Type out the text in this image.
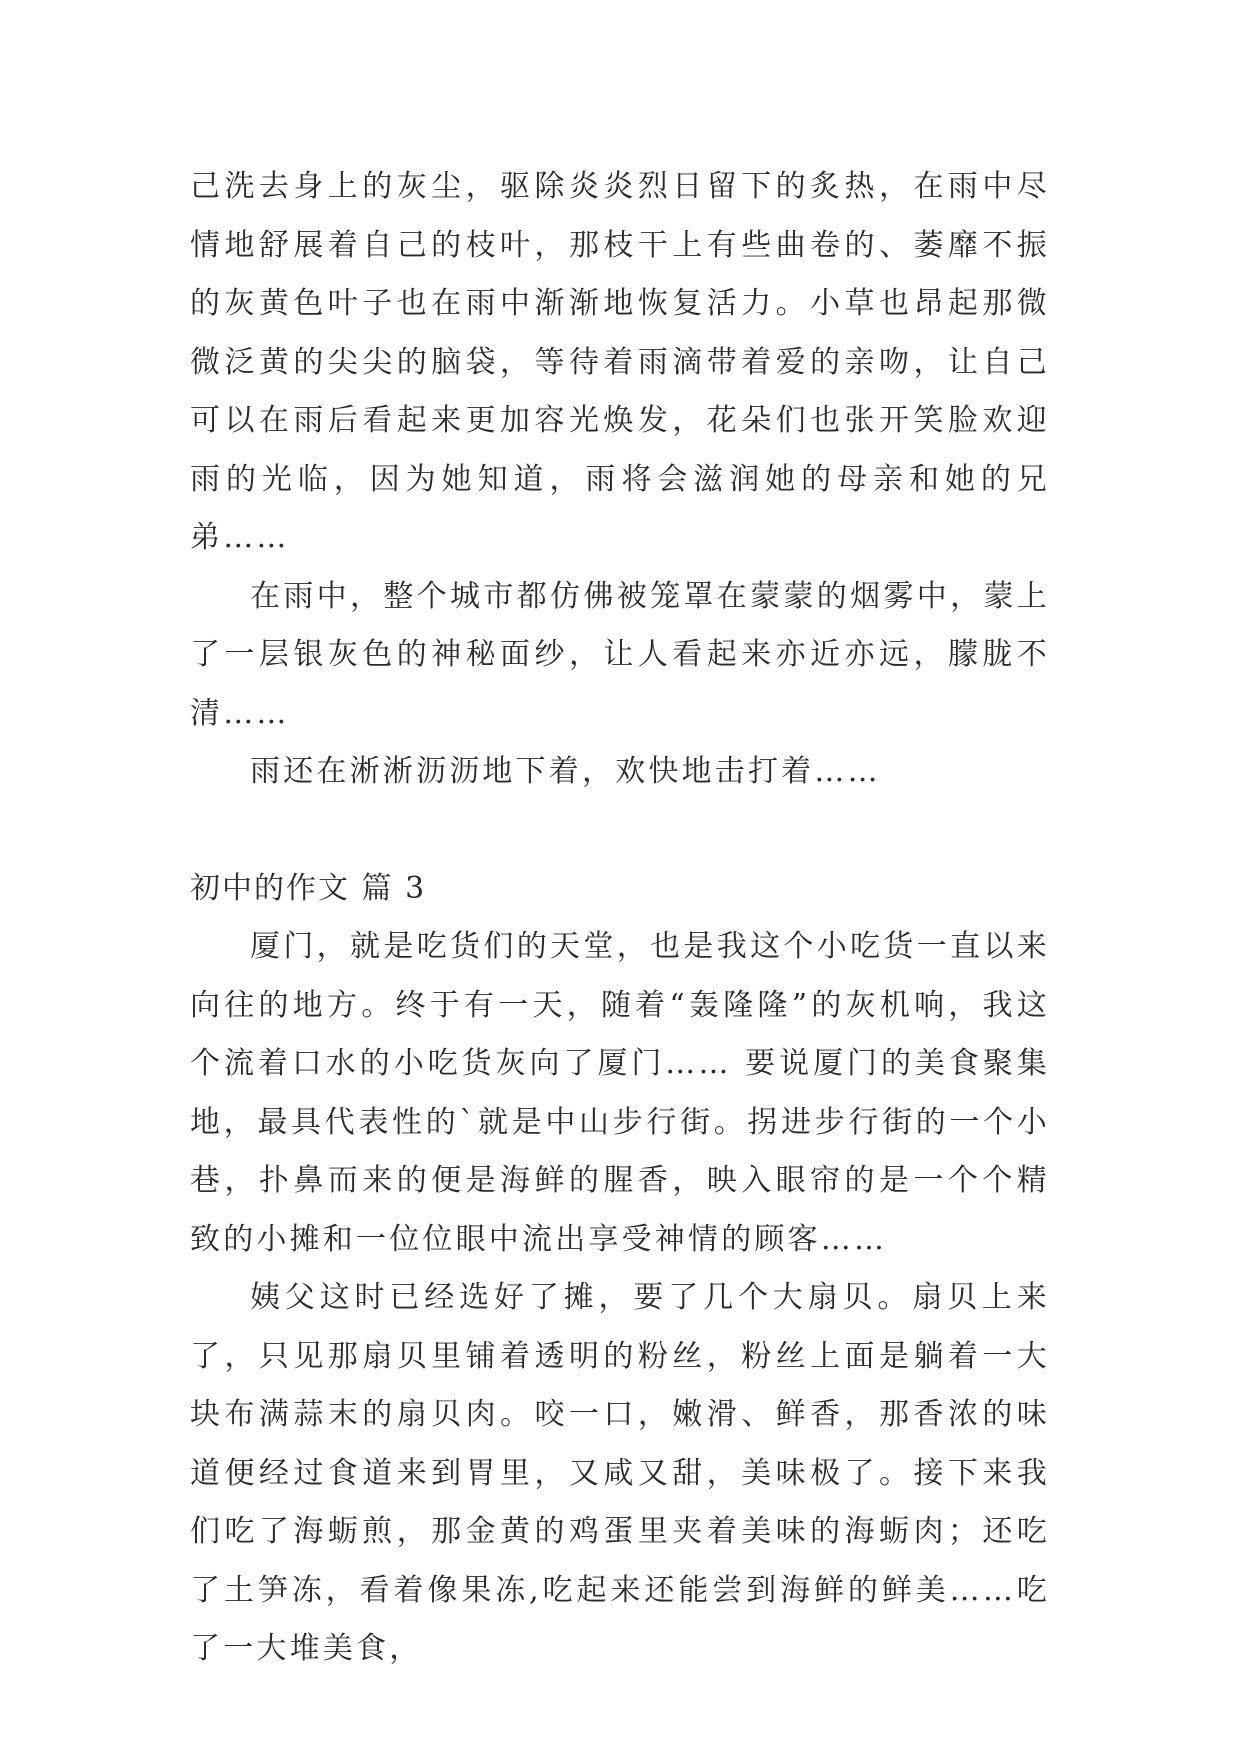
己洗去身上的灰尘，驱除炎炎烈日留下的炙热，在雨中尽情地舒展着自己的枝叶，那枝干上有些曲卷的、萎靡不振的灰黄色叶子也在雨中渐渐地恢复活力。小草也昂起那微微泛黄的尖尖的脑袋，等待着雨滴带着爱的亲吻，让自己可以在雨后看起来更加容光焕发，花朵们也张开笑脸欢迎雨的光临，因为她知道，雨将会滋润她的母亲和她的兄弟……

在雨中，整个城市都仿佛被笼罩在蒙蒙的烟雾中，蒙上了一层银灰色的神秘面纱，让人看起来亦近亦远，朦胧不清……

雨还在淅淅沥沥地下着，欢快地击打着……

初中的作文 篇 3

厦门，就是吃货们的天堂，也是我这个小吃货一直以来向往的地方。终于有一天，随着“轰隆隆”的灰机响，我这个流着口水的小吃货灰向了厦门…… 要说厦门的美食聚集地，最具代表性的`就是中山步行街。拐进步行街的一个小巷，扑鼻而来的便是海鲜的腥香，映入眼帘的是一个个精致的小摊和一位位眼中流出享受神情的顾客……

姨父这时已经选好了摊，要了几个大扇贝。扇贝上来了，只见那扇贝里铺着透明的粉丝，粉丝上面是躺着一大块布满蒜末的扇贝肉。咬一口，嫩滑、鲜香，那香浓的味道便经过食道来到胃里，又咸又甜，美味极了。接下来我们吃了海蛎煎，那金黄的鸡蛋里夹着美味的海蛎肉；还吃了土笋冻，看着像果冻,吃起来还能尝到海鲜的鲜美……吃了一大堆美食，
